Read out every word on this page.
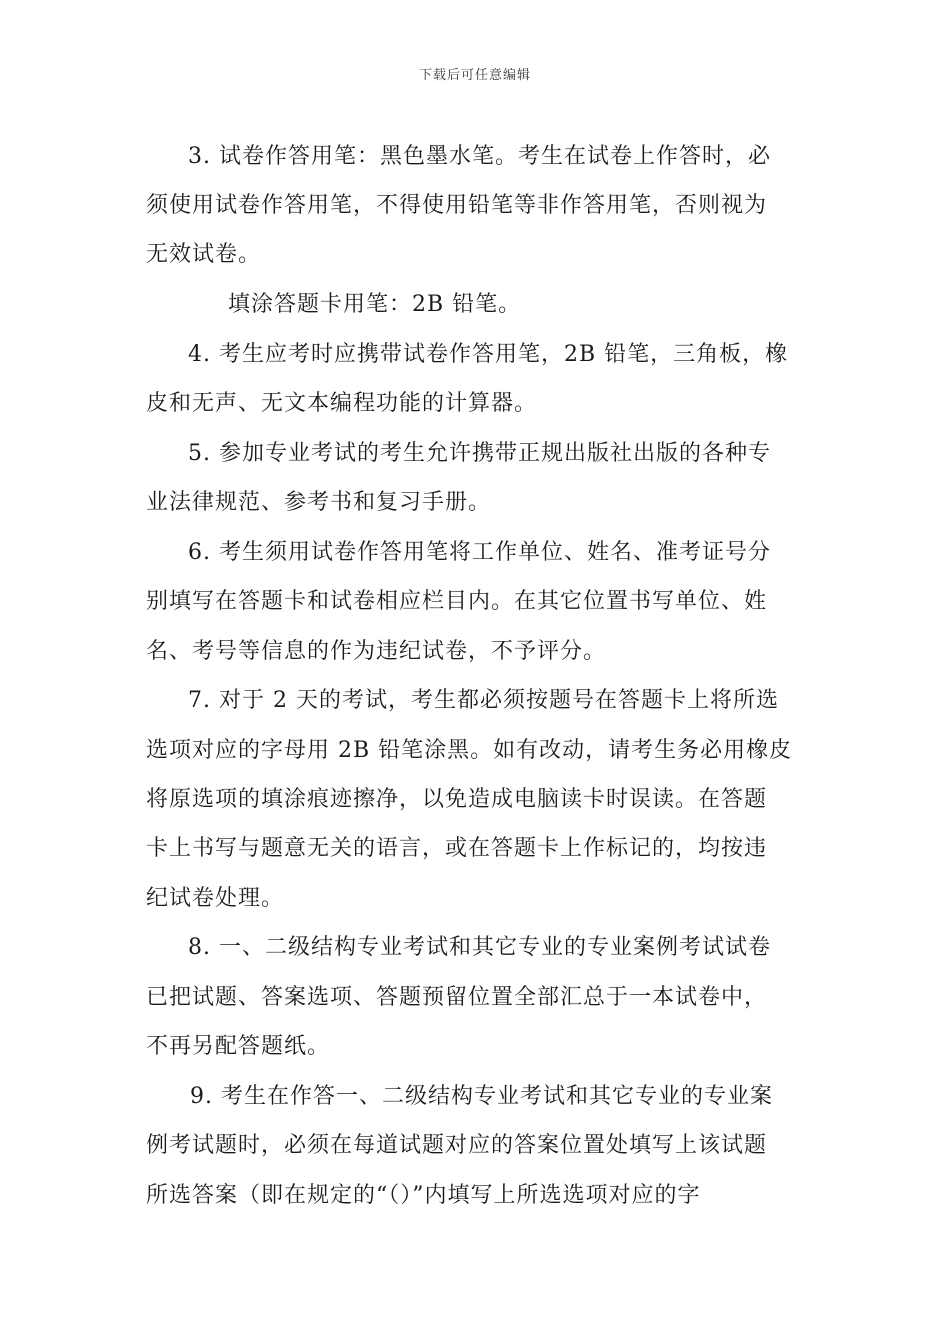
下载后可任意编辑
3. 试卷作答用笔：黑色墨水笔。考生在试卷上作答时，必
须使用试卷作答用笔，不得使用铅笔等非作答用笔，否则视为
无效试卷。
填涂答题卡用笔：2B 铅笔。
4. 考生应考时应携带试卷作答用笔，2B 铅笔，三角板，橡
皮和无声、无文本编程功能的计算器。
5. 参加专业考试的考生允许携带正规出版社出版的各种专
业法律规范、参考书和复习手册。
6. 考生须用试卷作答用笔将工作单位、姓名、准考证号分
别填写在答题卡和试卷相应栏目内。在其它位置书写单位、姓
名、考号等信息的作为违纪试卷，不予评分。
7. 对于 2 天的考试，考生都必须按题号在答题卡上将所选
选项对应的字母用 2B 铅笔涂黑。如有改动，请考生务必用橡皮
将原选项的填涂痕迹擦净，以免造成电脑读卡时误读。在答题
卡上书写与题意无关的语言，或在答题卡上作标记的，均按违
纪试卷处理。
8. 一、二级结构专业考试和其它专业的专业案例考试试卷
已把试题、答案选项、答题预留位置全部汇总于一本试卷中，
不再另配答题纸。
9. 考生在作答一、二级结构专业考试和其它专业的专业案
例考试题时，必须在每道试题对应的答案位置处填写上该试题
所选答案（即在规定的“（）”内填写上所选选项对应的字
